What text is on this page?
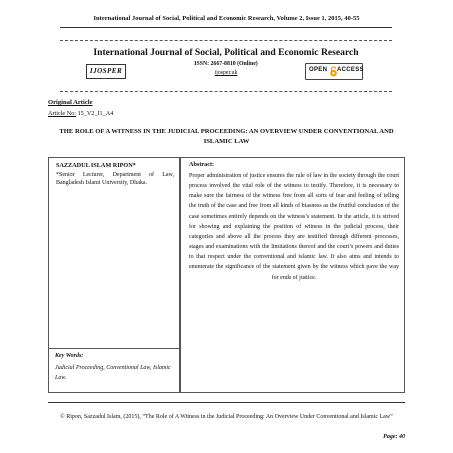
International Journal of Social, Political and Economic Research, Volume 2, Issue 1, 2015, 40-55
International Journal of Social, Political and Economic Research
ISSN: 2667-8810 (Online)
ijosper.uk
IJOSPER	OPEN ACCESS
Original Article
Article No: 15_V2_I1_A4
THE ROLE OF A WITNESS IN THE JUDICIAL PROCEEDING: AN OVERVIEW UNDER CONVENTIONAL AND ISLAMIC LAW
SAZZADUL ISLAM RIPON*
*Senior Lecturer, Department of Law, Bangladesh Islami University, Dhaka.
Key Words:
Judicial Proceeding, Conventional Law, Islamic Law.
Abstract:
Proper administration of justice ensures the rule of law in the society through the court process involved the vital role of the witness to testify. Therefore, it is necessary to make sure the fairness of the witness free from all sorts of fear and feeling of telling the truth of the case and free from all kinds of biasness as the fruitful conclusion of the case sometimes entirely depends on the witness’s statement. In the article, it is strived for showing and explaining the position of witness in the judicial process, their categories and above all the process they are testified through different processes, stages and examinations with the limitations thereof and the court’s powers and duties to that respect under the conventional and islamic law. It also aims and intends to enumerate the significance of the statement given by the witness which pave the way for ends of justice.
© Ripon, Sazzadul Islam, (2015), “The Role of A Witness in the Judicial Proceeding: An Overview Under Conventional and Islamic Law”
Page: 40
